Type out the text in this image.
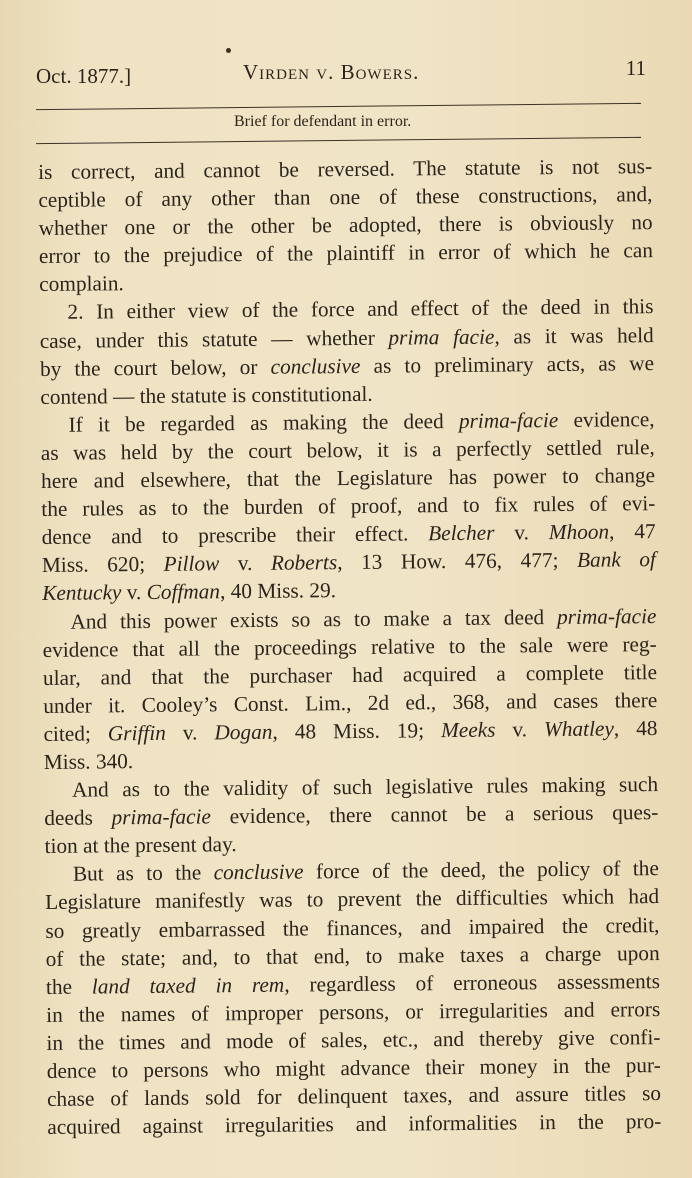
Oct. 1877.]	Virden v. Bowers.	11
Brief for defendant in error.
is correct, and cannot be reversed. The statute is not sus-
ceptible of any other than one of these constructions, and,
whether one or the other be adopted, there is obviously no
error to the prejudice of the plaintiff in error of which he can
complain.
2. In either view of the force and effect of the deed in this
case, under this statute — whether prima facie, as it was held
by the court below, or conclusive as to preliminary acts, as we
contend — the statute is constitutional.
If it be regarded as making the deed prima-facie evidence,
as was held by the court below, it is a perfectly settled rule,
here and elsewhere, that the Legislature has power to change
the rules as to the burden of proof, and to fix rules of evi-
dence and to prescribe their effect. Belcher v. Mhoon, 47
Miss. 620; Pillow v. Roberts, 13 How. 476, 477; Bank of
Kentucky v. Coffman, 40 Miss. 29.
And this power exists so as to make a tax deed prima-facie
evidence that all the proceedings relative to the sale were reg-
ular, and that the purchaser had acquired a complete title
under it. Cooley’s Const. Lim., 2d ed., 368, and cases there
cited; Griffin v. Dogan, 48 Miss. 19; Meeks v. Whatley, 48
Miss. 340.
And as to the validity of such legislative rules making such
deeds prima-facie evidence, there cannot be a serious ques-
tion at the present day.
But as to the conclusive force of the deed, the policy of the
Legislature manifestly was to prevent the difficulties which had
so greatly embarrassed the finances, and impaired the credit,
of the state; and, to that end, to make taxes a charge upon
the land taxed in rem, regardless of erroneous assessments
in the names of improper persons, or irregularities and errors
in the times and mode of sales, etc., and thereby give confi-
dence to persons who might advance their money in the pur-
chase of lands sold for delinquent taxes, and assure titles so
acquired against irregularities and informalities in the pro-
